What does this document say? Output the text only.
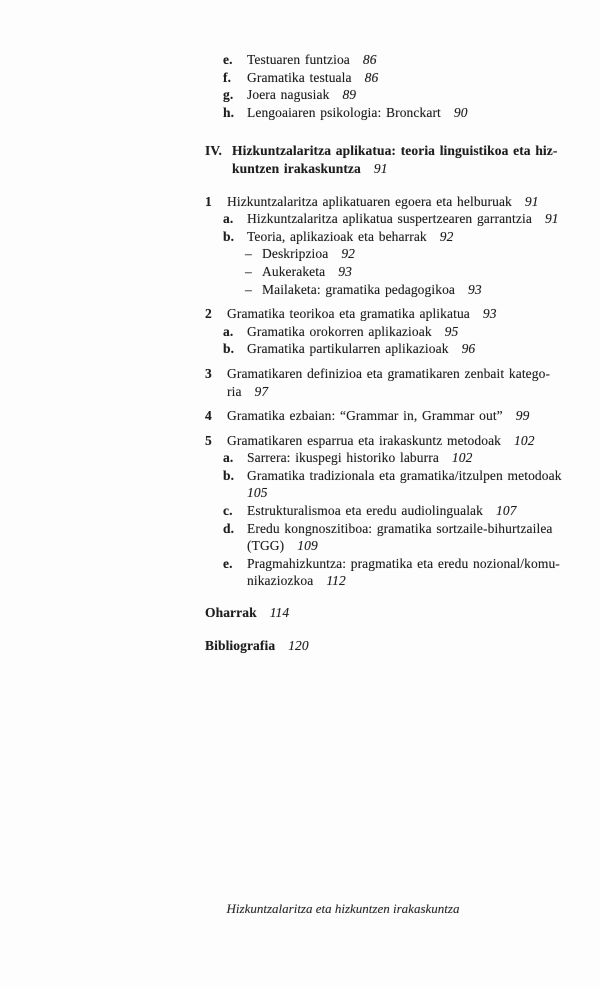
e.	Testuaren funtzioa 86
f.	Gramatika testuala 86
g.	Joera nagusiak 89
h. Lengoaiaren psikologia: Bronckart 90
IV. Hizkuntzalaritza aplikatua: teoria linguistikoa eta hiz-
kuntzen irakaskuntza 91
1	Hizkuntzalaritza aplikatuaren egoera eta helburuak 91
a.	Hizkuntzalaritza aplikatua suspertzearen garrantzia 91
b. Teoria, aplikazioak eta beharrak 92
– Deskripzioa 92
– Aukeraketa 93
– Mailaketa: gramatika pedagogikoa 93
2	Gramatika teorikoa eta gramatika aplikatua 93
a.	Gramatika orokorren aplikazioak 95
b. Gramatika partikularren aplikazioak 96
3	Gramatikaren definizioa eta gramatikaren zenbait katego-
ria 97
4	Gramatika ezbaian: “Grammar in, Grammar out” 99
5	Gramatikaren esparrua eta irakaskuntz metodoak 102
a.	Sarrera: ikuspegi historiko laburra 102
b. Gramatika tradizionala eta gramatika/itzulpen metodoak
105
c.	Estrukturalismoa eta eredu audiolingualak 107
d. Eredu kongnoszitiboa: gramatika sortzaile-bihurtzailea
(TGG) 109
e.	Pragmahizkuntza: pragmatika eta eredu nozional/komu-
nikaziozkoa 112
Oharrak 114
Bibliografia 120
Hizkuntzalaritza eta hizkuntzen irakaskuntza
